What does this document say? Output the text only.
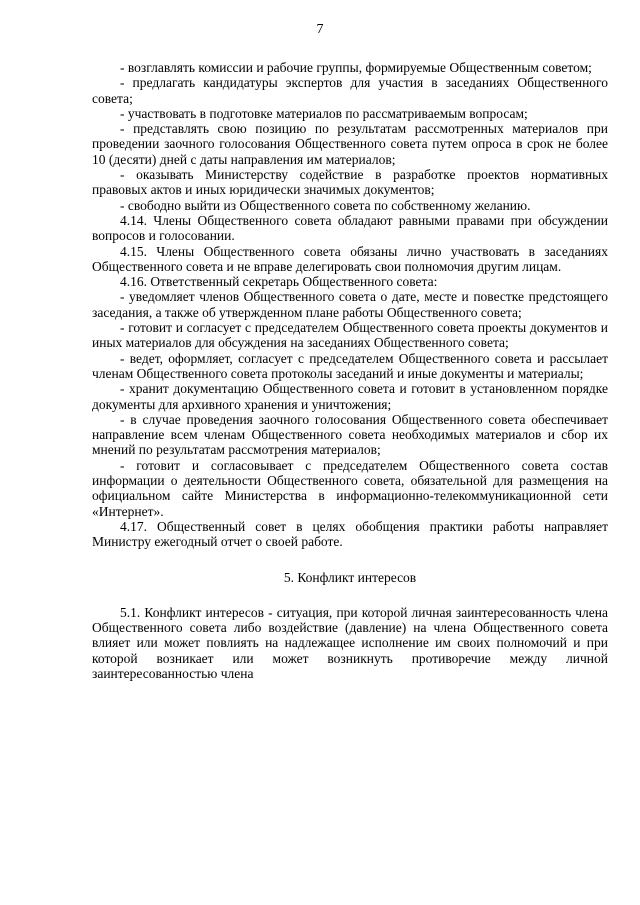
7

- возглавлять комиссии и рабочие группы, формируемые Общественным советом;

- предлагать кандидатуры экспертов для участия в заседаниях Общественного совета;

- участвовать в подготовке материалов по рассматриваемым вопросам;

- представлять свою позицию по результатам рассмотренных материалов при проведении заочного голосования Общественного совета путем опроса в срок не более 10 (десяти) дней с даты направления им материалов;

- оказывать Министерству содействие в разработке проектов нормативных правовых актов и иных юридически значимых документов;

- свободно выйти из Общественного совета по собственному желанию.

4.14. Члены Общественного совета обладают равными правами при обсуждении вопросов и голосовании.

4.15. Члены Общественного совета обязаны лично участвовать в заседаниях Общественного совета и не вправе делегировать свои полномочия другим лицам.

4.16. Ответственный секретарь Общественного совета:

- уведомляет членов Общественного совета о дате, месте и повестке предстоящего заседания, а также об утвержденном плане работы Общественного совета;

- готовит и согласует с председателем Общественного совета проекты документов и иных материалов для обсуждения на заседаниях Общественного совета;

- ведет, оформляет, согласует с председателем Общественного совета и рассылает членам Общественного совета протоколы заседаний и иные документы и материалы;

- хранит документацию Общественного совета и готовит в установленном порядке документы для архивного хранения и уничтожения;

- в случае проведения заочного голосования Общественного совета обеспечивает направление всем членам Общественного совета необходимых материалов и сбор их мнений по результатам рассмотрения материалов;

- готовит и согласовывает с председателем Общественного совета состав информации о деятельности Общественного совета, обязательной для размещения на официальном сайте Министерства в информационно-телекоммуникационной сети «Интернет».

4.17. Общественный совет в целях обобщения практики работы направляет Министру ежегодный отчет о своей работе.

5. Конфликт интересов

5.1. Конфликт интересов - ситуация, при которой личная заинтересованность члена Общественного совета либо воздействие (давление) на члена Общественного совета влияет или может повлиять на надлежащее исполнение им своих полномочий и при которой возникает или может возникнуть противоречие между личной заинтересованностью члена
